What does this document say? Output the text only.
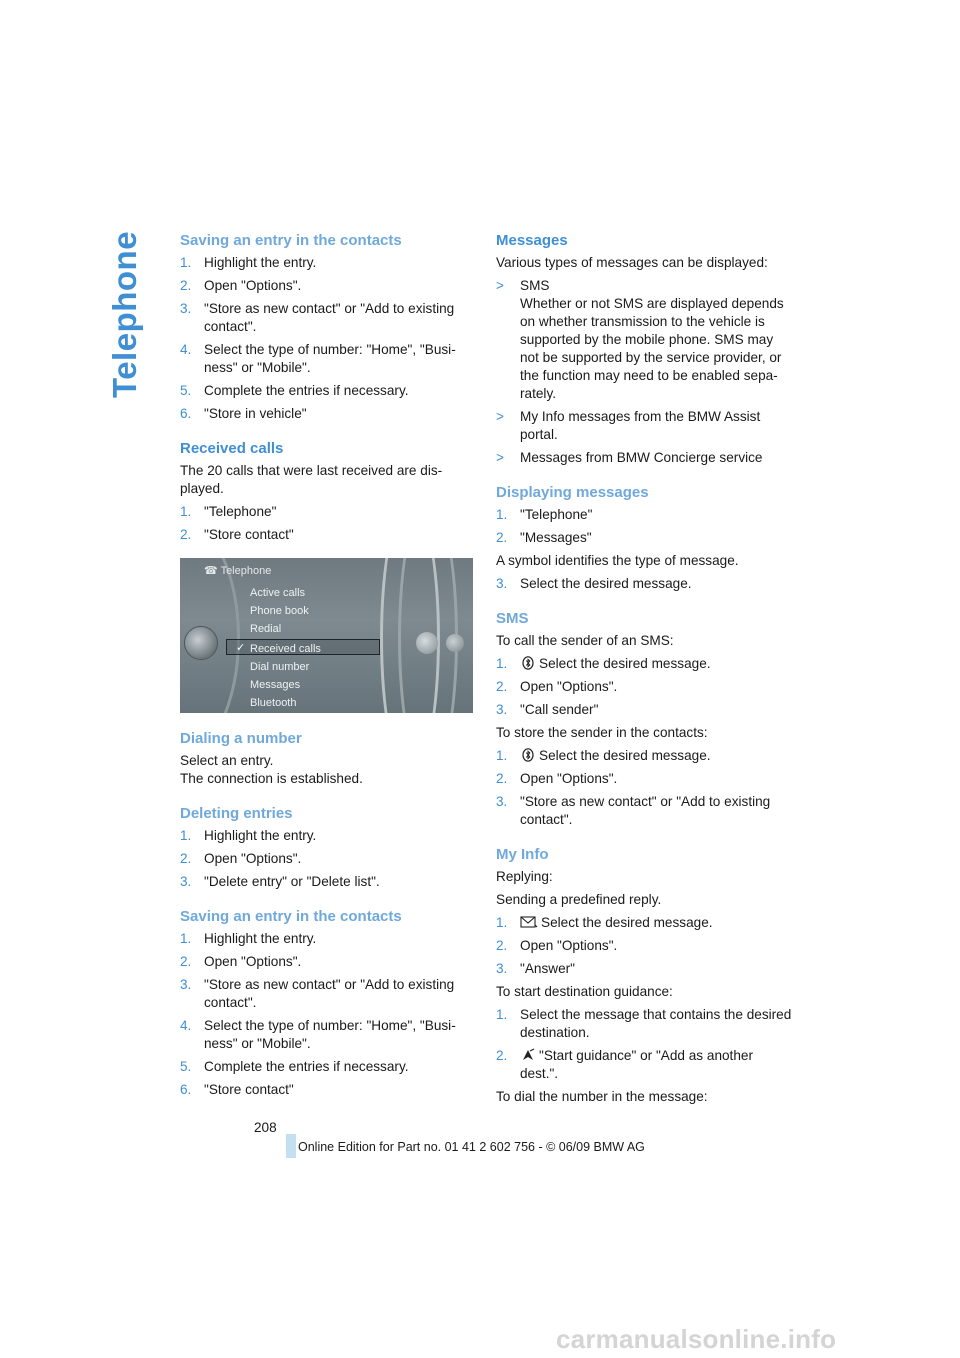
Telephone Saving an entry in the contacts
1. Highlight the entry.
2. Open "Options".
3. "Store as new contact" or "Add to existing contact".
4. Select the type of number: "Home", "Busi-ness" or "Mobile".
5. Complete the entries if necessary.
6. "Store in vehicle"
Received calls

The 20 calls that were last received are dis-played.

1. "Telephone"
2. "Store contact"
☎ Telephone
Active calls
Phone book
Redial
✓ Received calls
Dial number
Messages
Bluetooth
Dialing a number

Select an entry.

The connection is established.

Deleting entries
1. Highlight the entry.
2. Open "Options".
3. "Delete entry" or "Delete list".
Saving an entry in the contacts
1. Highlight the entry.
2. Open "Options".
3. "Store as new contact" or "Add to existing contact".
4. Select the type of number: "Home", "Busi-ness" or "Mobile".
5. Complete the entries if necessary.
6. "Store contact"
Messages

Various types of messages can be displayed:

> SMS
Whether or not SMS are displayed depends on whether transmission to the vehicle is supported by the mobile phone. SMS may not be supported by the service provider, or the function may need to be enabled sepa-rately.
> My Info messages from the BMW Assist portal.
> Messages from BMW Concierge service
Displaying messages
1. "Telephone"
2. "Messages"

A symbol identifies the type of message.

3. Select the desired message.
SMS

To call the sender of an SMS:

1. Select the desired message.
2. Open "Options".
3. "Call sender"

To store the sender in the contacts:

1. Select the desired message.
2. Open "Options".
3. "Store as new contact" or "Add to existing contact".
My Info

Replying:

Sending a predefined reply.

1. Select the desired message.
2. Open "Options".
3. "Answer"

To start destination guidance:

1. Select the message that contains the desired destination.
2. "Start guidance" or "Add as another dest.".

To dial the number in the message:

208
Online Edition for Part no. 01 41 2 602 756 - © 06/09 BMW AG
carmanualsonline.info
